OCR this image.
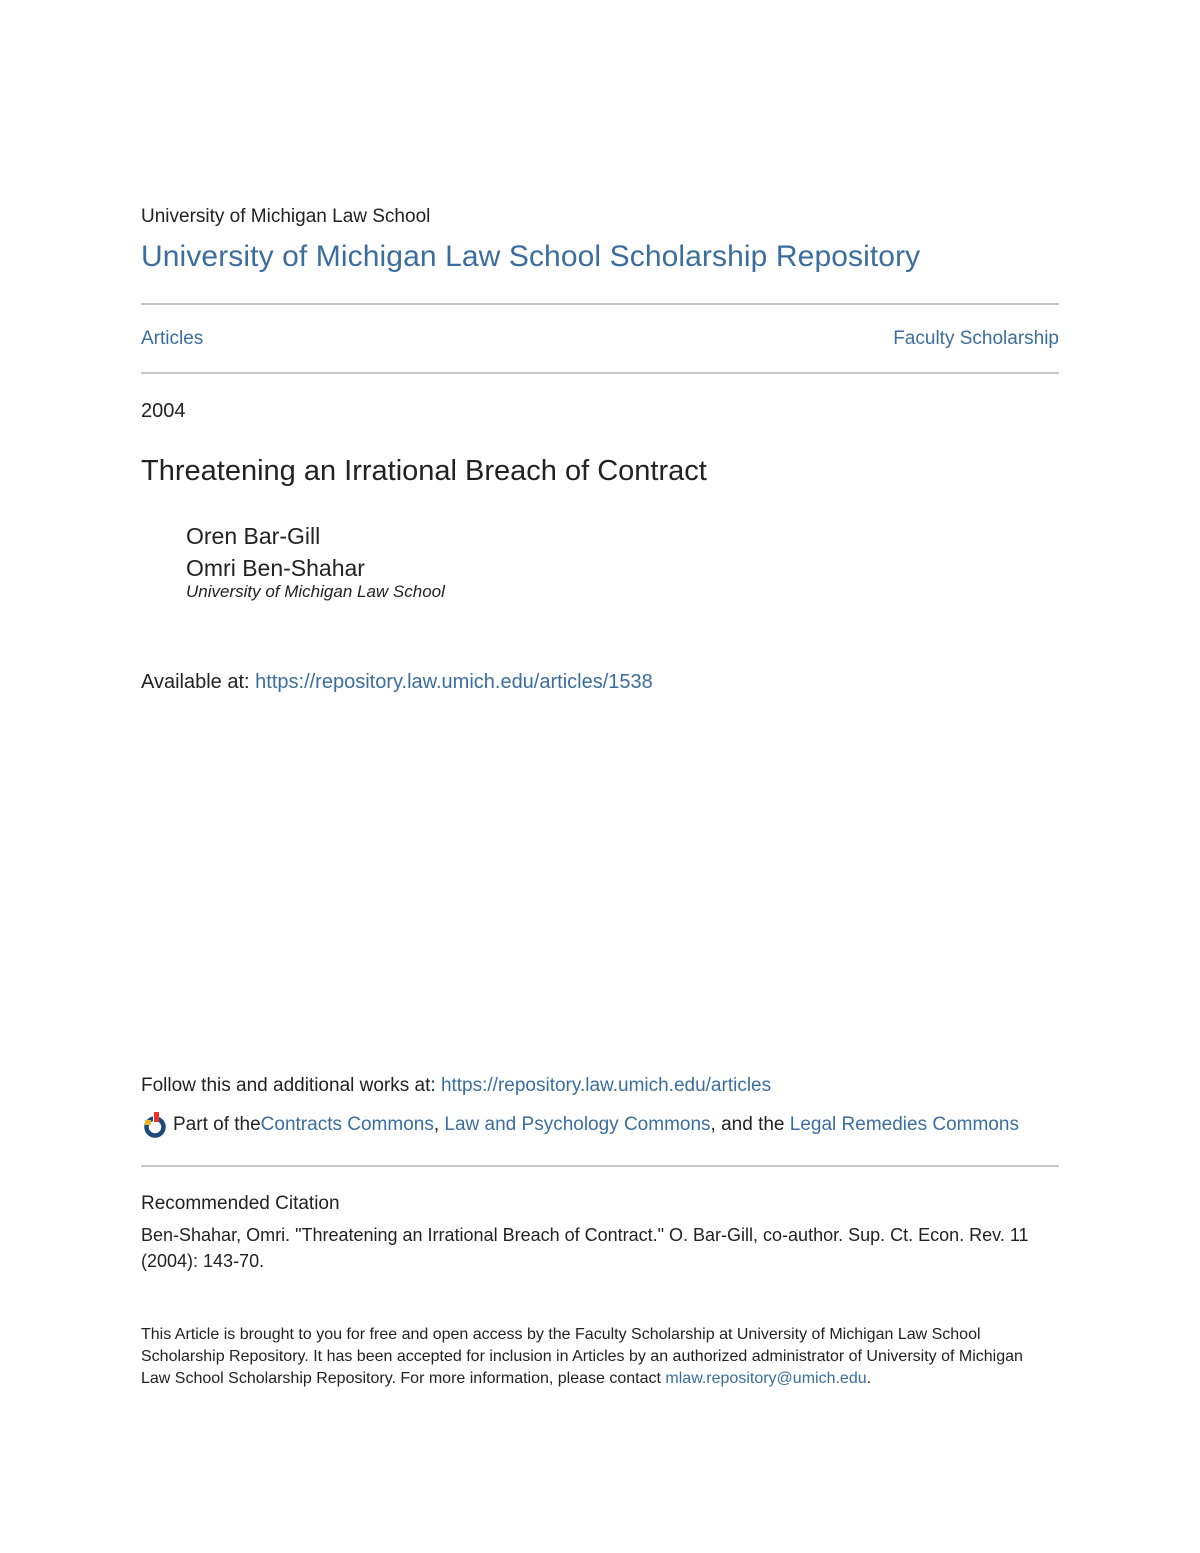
University of Michigan Law School
University of Michigan Law School Scholarship Repository
Articles	Faculty Scholarship
2004
Threatening an Irrational Breach of Contract
Oren Bar-Gill
Omri Ben-Shahar
University of Michigan Law School
Available at: https://repository.law.umich.edu/articles/1538
Follow this and additional works at: https://repository.law.umich.edu/articles
Part of the Contracts Commons , Law and Psychology Commons , and the Legal Remedies Commons
Recommended Citation
Ben-Shahar, Omri. "Threatening an Irrational Breach of Contract." O. Bar-Gill, co-author. Sup. Ct. Econ. Rev. 11 (2004): 143-70.
This Article is brought to you for free and open access by the Faculty Scholarship at University of Michigan Law School Scholarship Repository. It has been accepted for inclusion in Articles by an authorized administrator of University of Michigan Law School Scholarship Repository. For more information, please contact mlaw.repository@umich.edu.
